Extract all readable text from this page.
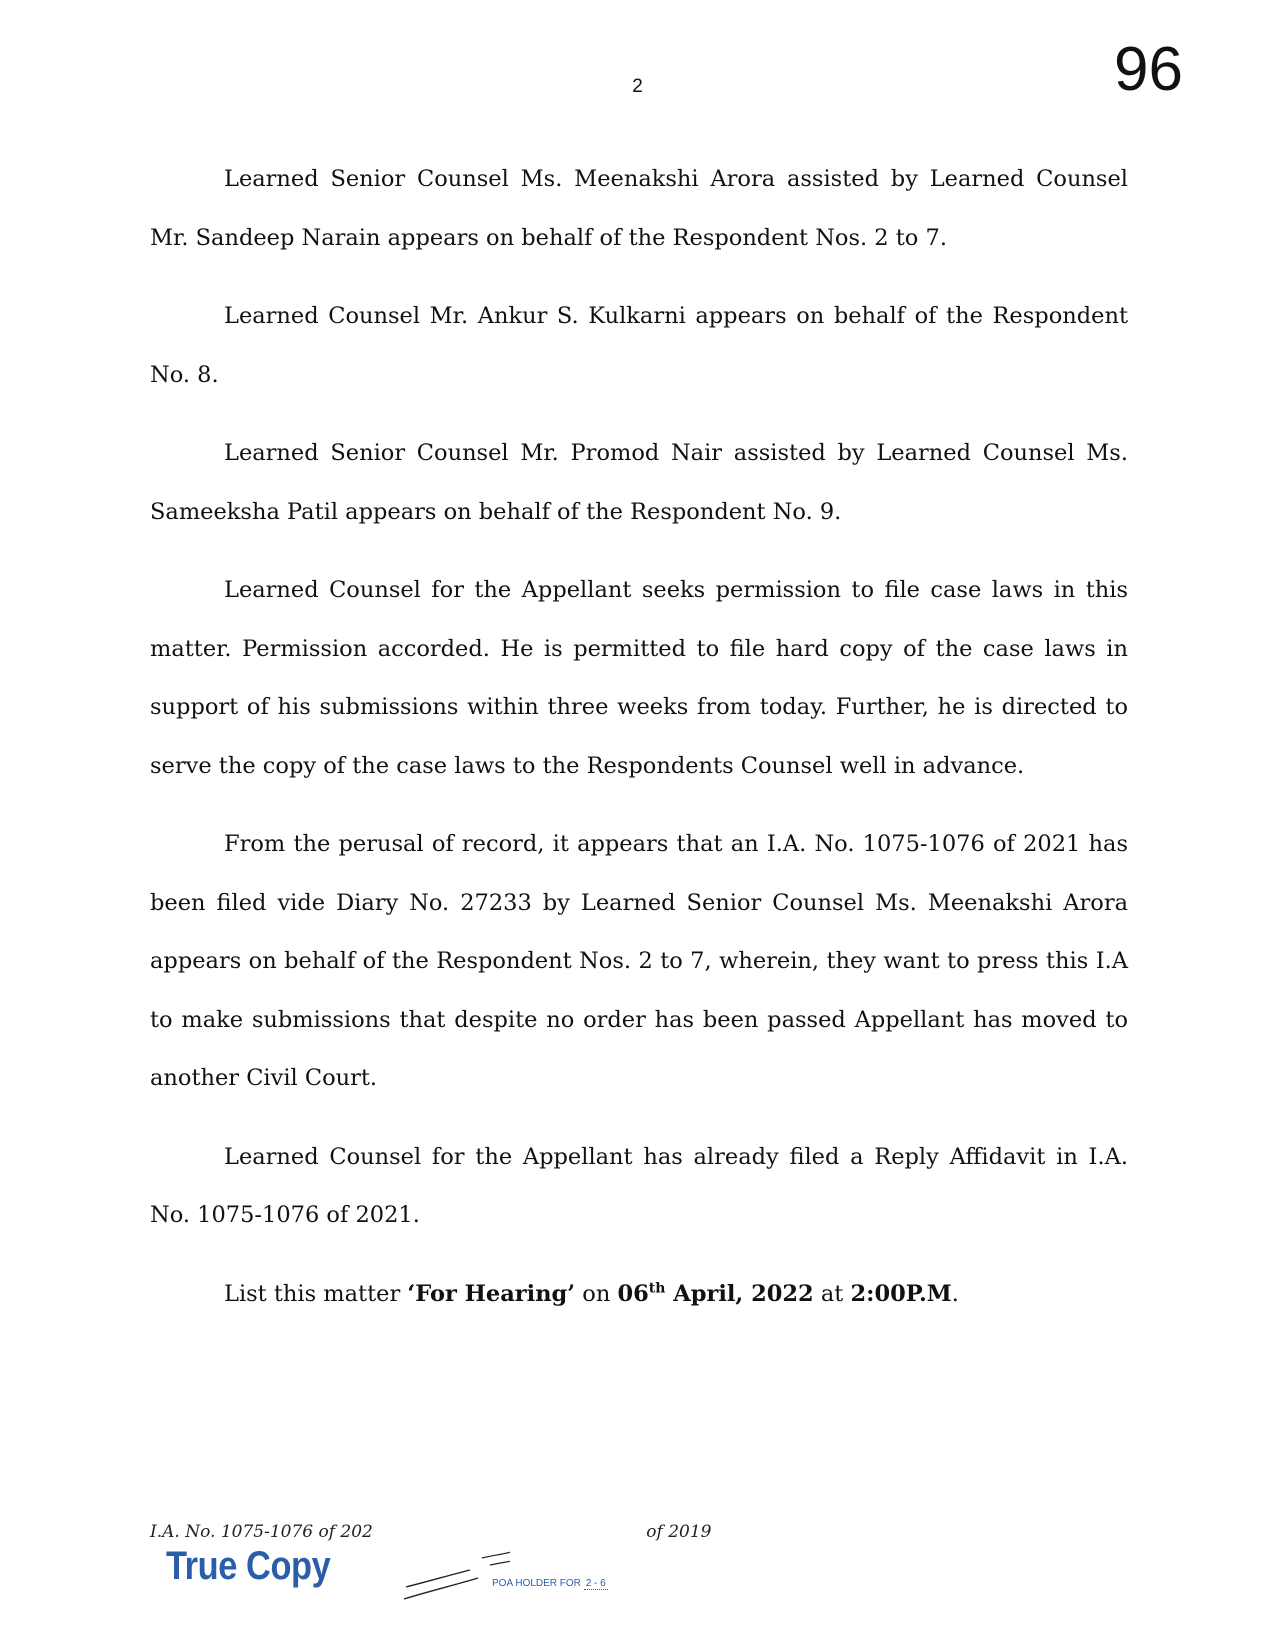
96
2

Learned Senior Counsel Ms. Meenakshi Arora assisted by Learned Counsel Mr. Sandeep Narain appears on behalf of the Respondent Nos. 2 to 7.

Learned Counsel Mr. Ankur S. Kulkarni appears on behalf of the Respondent No. 8.

Learned Senior Counsel Mr. Promod Nair assisted by Learned Counsel Ms. Sameeksha Patil appears on behalf of the Respondent No. 9.

Learned Counsel for the Appellant seeks permission to file case laws in this matter. Permission accorded. He is permitted to file hard copy of the case laws in support of his submissions within three weeks from today. Further, he is directed to serve the copy of the case laws to the Respondents Counsel well in advance.

From the perusal of record, it appears that an I.A. No. 1075-1076 of 2021 has been filed vide Diary No. 27233 by Learned Senior Counsel Ms. Meenakshi Arora appears on behalf of the Respondent Nos. 2 to 7, wherein, they want to press this I.A to make submissions that despite no order has been passed Appellant has moved to another Civil Court.

Learned Counsel for the Appellant has already filed a Reply Affidavit in I.A. No. 1075-1076 of 2021.

List this matter ‘For Hearing’ on 06th April, 2022 at 2:00P.M.

I.A. No. 1075-1076 of 202	of 2019
True Copy	POA HOLDER FOR 2 - 6
